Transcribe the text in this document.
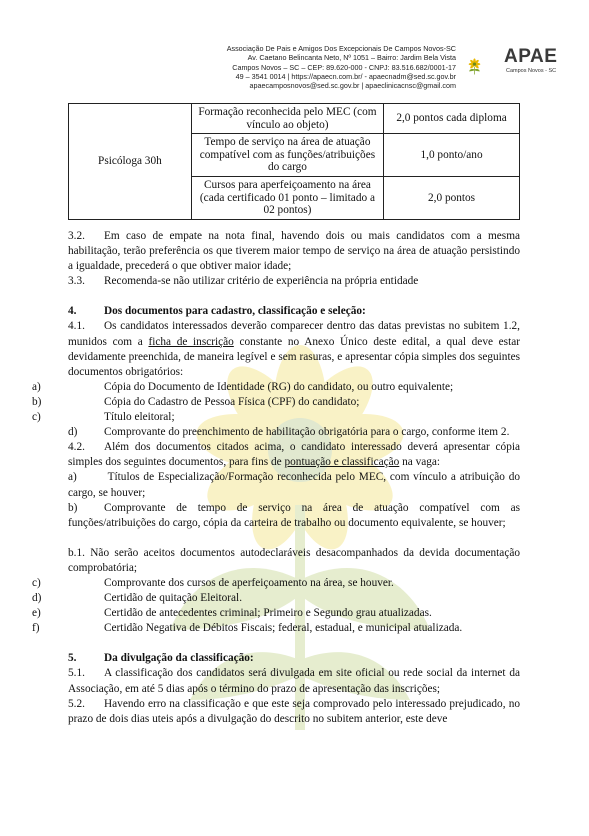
Associação De Pais e Amigos Dos Excepcionais De Campos Novos-SC
Av. Caetano Belincanta Neto, Nº 1051 – Bairro: Jardim Bela Vista
Campos Novos – SC – CEP: 89.620-000 - CNPJ: 83.516.682/0001-17
49 – 3541 0014 | https://apaecn.com.br/ - apaecnadm@sed.sc.gov.br
apaecamposnovos@sed.sc.gov.br | apaeclinicacnsc@gmail.com
APAE
Campos Novos - SC
Psicóloga 30h	Formação reconhecida pelo MEC (com vínculo ao objeto)	2,0 pontos cada diploma
	Tempo de serviço na área de atuação compatível com as funções/atribuições do cargo	1,0 ponto/ano
	Cursos para aperfeiçoamento na área (cada certificado 01 ponto – limitado a 02 pontos)	2,0 pontos

3.2. Em caso de empate na nota final, havendo dois ou mais candidatos com a mesma habilitação, terão preferência os que tiverem maior tempo de serviço na área de atuação persistindo a igualdade, precederá o que obtiver maior idade;

3.3. Recomenda-se não utilizar critério de experiência na própria entidade

4. Dos documentos para cadastro, classificação e seleção:

4.1. Os candidatos interessados deverão comparecer dentro das datas previstas no subitem 1.2, munidos com a ficha de inscrição constante no Anexo Único deste edital, a qual deve estar devidamente preenchida, de maneira legível e sem rasuras, e apresentar cópia simples dos seguintes documentos obrigatórios:

a)	Cópia do Documento de Identidade (RG) do candidato, ou outro equivalente;

b)	Cópia do Cadastro de Pessoa Física (CPF) do candidato;

c)	Título eleitoral;

d) Comprovante do preenchimento de habilitação obrigatória para o cargo, conforme item 2.

4.2. Além dos documentos citados acima, o candidato interessado deverá apresentar cópia simples dos seguintes documentos, para fins de pontuação e classificação na vaga:

a) Títulos de Especialização/Formação reconhecida pelo MEC, com vínculo a atribuição do cargo, se houver;

b) Comprovante de tempo de serviço na área de atuação compatível com as funções/atribuições do cargo, cópia da carteira de trabalho ou documento equivalente, se houver;

b.1. Não serão aceitos documentos autodeclaráveis desacompanhados da devida documentação comprobatória;

c)	Comprovante dos cursos de aperfeiçoamento na área, se houver.

d)	Certidão de quitação Eleitoral.

e)	Certidão de antecedentes criminal; Primeiro e Segundo grau atualizadas.

f)	Certidão Negativa de Débitos Fiscais; federal, estadual, e municipal atualizada.

5. Da divulgação da classificação:

5.1. A classificação dos candidatos será divulgada em site oficial ou rede social da internet da Associação, em até 5 dias após o término do prazo de apresentação das inscrições;

5.2. Havendo erro na classificação e que este seja comprovado pelo interessado prejudicado, no prazo de dois dias uteis após a divulgação do descrito no subitem anterior, este deve
